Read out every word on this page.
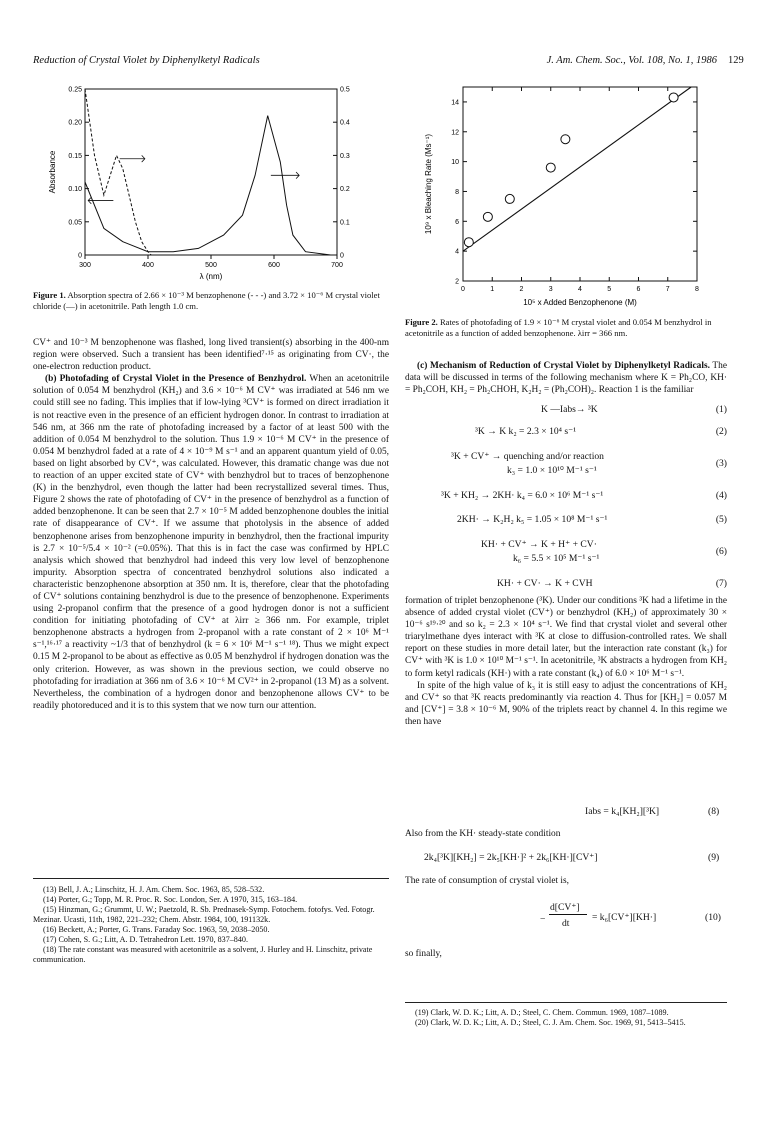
Reduction of Crystal Violet by Diphenylketyl Radicals	J. Am. Chem. Soc., Vol. 108, No. 1, 1986 129
300	400	500	600	700
0
0.05
0.10
0.15
0.20
0.25
0
0.1
0.2
0.3
0.4
0.5
λ (nm)
Absorbance
Figure 1. Absorption spectra of 2.66 × 10⁻³ M benzophenone (- - -) and 3.72 × 10⁻⁶ M crystal violet chloride (—) in acetonitrile. Path length 1.0 cm.

CV⁺ and 10⁻³ M benzophenone was flashed, long lived transient(s) absorbing in the 400-nm region were observed. Such a transient has been identified⁷·¹⁵ as originating from CV·, the one-electron reduction product.

(b) Photofading of Crystal Violet in the Presence of Benzhydrol. When an acetonitrile solution of 0.054 M benzhydrol (KH₂) and 3.6 × 10⁻⁶ M CV⁺ was irradiated at 546 nm we could still see no fading. This implies that if low-lying ³CV⁺ is formed on direct irradiation it is not reactive even in the presence of an efficient hydrogen donor. In contrast to irradiation at 546 nm, at 366 nm the rate of photofading increased by a factor of at least 500 with the addition of 0.054 M benzhydrol to the solution. Thus 1.9 × 10⁻⁶ M CV⁺ in the presence of 0.054 M benzhydrol faded at a rate of 4 × 10⁻⁹ M s⁻¹ and an apparent quantum yield of 0.05, based on light absorbed by CV⁺, was calculated. However, this dramatic change was due not to reaction of an upper excited state of CV⁺ with benzhydrol but to traces of benzophenone (K) in the benzhydrol, even though the latter had been recrystallized several times. Thus, Figure 2 shows the rate of photofading of CV⁺ in the presence of benzhydrol as a function of added benzophenone. It can be seen that 2.7 × 10⁻⁵ M added benzophenone doubles the initial rate of disappearance of CV⁺. If we assume that photolysis in the absence of added benzophenone arises from benzophenone impurity in benzhydrol, then the fractional impurity is 2.7 × 10⁻⁵/5.4 × 10⁻² (=0.05%). That this is in fact the case was confirmed by HPLC analysis which showed that benzhydrol had indeed this very low level of benzophenone impurity. Absorption spectra of concentrated benzhydrol solutions also indicated a characteristic benzophenone absorption at 350 nm. It is, therefore, clear that the photofading of CV⁺ solutions containing benzhydrol is due to the presence of benzophenone. Experiments using 2-propanol confirm that the presence of a good hydrogen donor is not a sufficient condition for initiating photofading of CV⁺ at λirr ≥ 366 nm. For example, triplet benzophenone abstracts a hydrogen from 2-propanol with a rate constant of 2 × 10⁶ M⁻¹ s⁻¹,¹⁶·¹⁷ a reactivity ~1/3 that of benzhydrol (k = 6 × 10⁶ M⁻¹ s⁻¹ ¹⁸). Thus we might expect 0.15 M 2-propanol to be about as effective as 0.05 M benzhydrol if hydrogen donation was the only criterion. However, as was shown in the previous section, we could observe no photofading for irradiation at 366 nm of 3.6 × 10⁻⁶ M CV²⁺ in 2-propanol (13 M) as a solvent. Nevertheless, the combination of a hydrogen donor and benzophenone allows CV⁺ to be readily photoreduced and it is to this system that we now turn our attention.

(13) Bell, J. A.; Linschitz, H. J. Am. Chem. Soc. 1963, 85, 528–532.
(14) Porter, G.; Topp, M. R. Proc. R. Soc. London, Ser. A 1970, 315, 163–184.
(15) Hinzman, G.; Grummt, U. W.; Paetzold, R. Sb. Prednasek-Symp. Fotochem. fotofys. Ved. Fotogr. Mezinar. Ucasti, 11th, 1982, 221–232; Chem. Abstr. 1984, 100, 191132k.
(16) Beckett, A.; Porter, G. Trans. Faraday Soc. 1963, 59, 2038–2050.
(17) Cohen, S. G.; Litt, A. D. Tetrahedron Lett. 1970, 837–840.
(18) The rate constant was measured with acetonitrile as a solvent, J. Hurley and H. Linschitz, private communication.
0	1	2	3	4	5	6	7	8
2
4
6
8
10
12
14
10⁵ x Added Benzophenone (M)
10⁹ x Bleaching Rate (Ms⁻¹)
Figure 2. Rates of photofading of 1.9 × 10⁻⁶ M crystal violet and 0.054 M benzhydrol in acetonitrile as a function of added benzophenone. λirr = 366 nm.

(c) Mechanism of Reduction of Crystal Violet by Diphenylketyl Radicals. The data will be discussed in terms of the following mechanism where K = Ph₂CO, KH· = Ph₂COH, KH₂ = Ph₂CHOH, K₂H₂ = (Ph₂COH)₂. Reaction 1 is the familiar

K —Iabs→ ³K	(1)
³K → K k₂ = 2.3 × 10⁴ s⁻¹	(2)
³K + CV⁺ → quenching and/or reaction
k₃ = 1.0 × 10¹⁰ M⁻¹ s⁻¹
(3)
³K + KH₂ → 2KH· k₄ = 6.0 × 10⁶ M⁻¹ s⁻¹	(4)
2KH· → K₂H₂ k₅ = 1.05 × 10⁸ M⁻¹ s⁻¹	(5)
KH· + CV⁺ → K + H⁺ + CV·
k₆ = 5.5 × 10⁵ M⁻¹ s⁻¹
(6)
KH· + CV· → K + CVH	(7)

formation of triplet benzophenone (³K). Under our conditions ³K had a lifetime in the absence of added crystal violet (CV⁺) or benzhydrol (KH₂) of approximately 30 × 10⁻⁶ s¹⁹·²⁰ and so k₂ = 2.3 × 10⁴ s⁻¹. We find that crystal violet and several other triarylmethane dyes interact with ³K at close to diffusion-controlled rates. We shall report on these studies in more detail later, but the interaction rate constant (k₃) for CV⁺ with ³K is 1.0 × 10¹⁰ M⁻¹ s⁻¹. In acetonitrile, ³K abstracts a hydrogen from KH₂ to form ketyl radicals (KH·) with a rate constant (k₄) of 6.0 × 10⁶ M⁻¹ s⁻¹.

In spite of the high value of k₃ it is still easy to adjust the concentrations of KH₂ and CV⁺ so that ³K reacts predominantly via reaction 4. Thus for [KH₂] = 0.057 M and [CV⁺] = 3.8 × 10⁻⁶ M, 90% of the triplets react by channel 4. In this regime we then have

Iabs = k₄[KH₂][³K]	(8)
Also from the KH· steady-state condition
2k₄[³K][KH₂] = 2k₅[KH·]² + 2k₆[KH·][CV⁺]	(9)
The rate of consumption of crystal violet is,
−
d[CV⁺]
dt
= k₆[CV⁺][KH·]	(10)
so finally,
(19) Clark, W. D. K.; Litt, A. D.; Steel, C. Chem. Commun. 1969, 1087–1089.
(20) Clark, W. D. K.; Litt, A. D.; Steel, C. J. Am. Chem. Soc. 1969, 91, 5413–5415.
